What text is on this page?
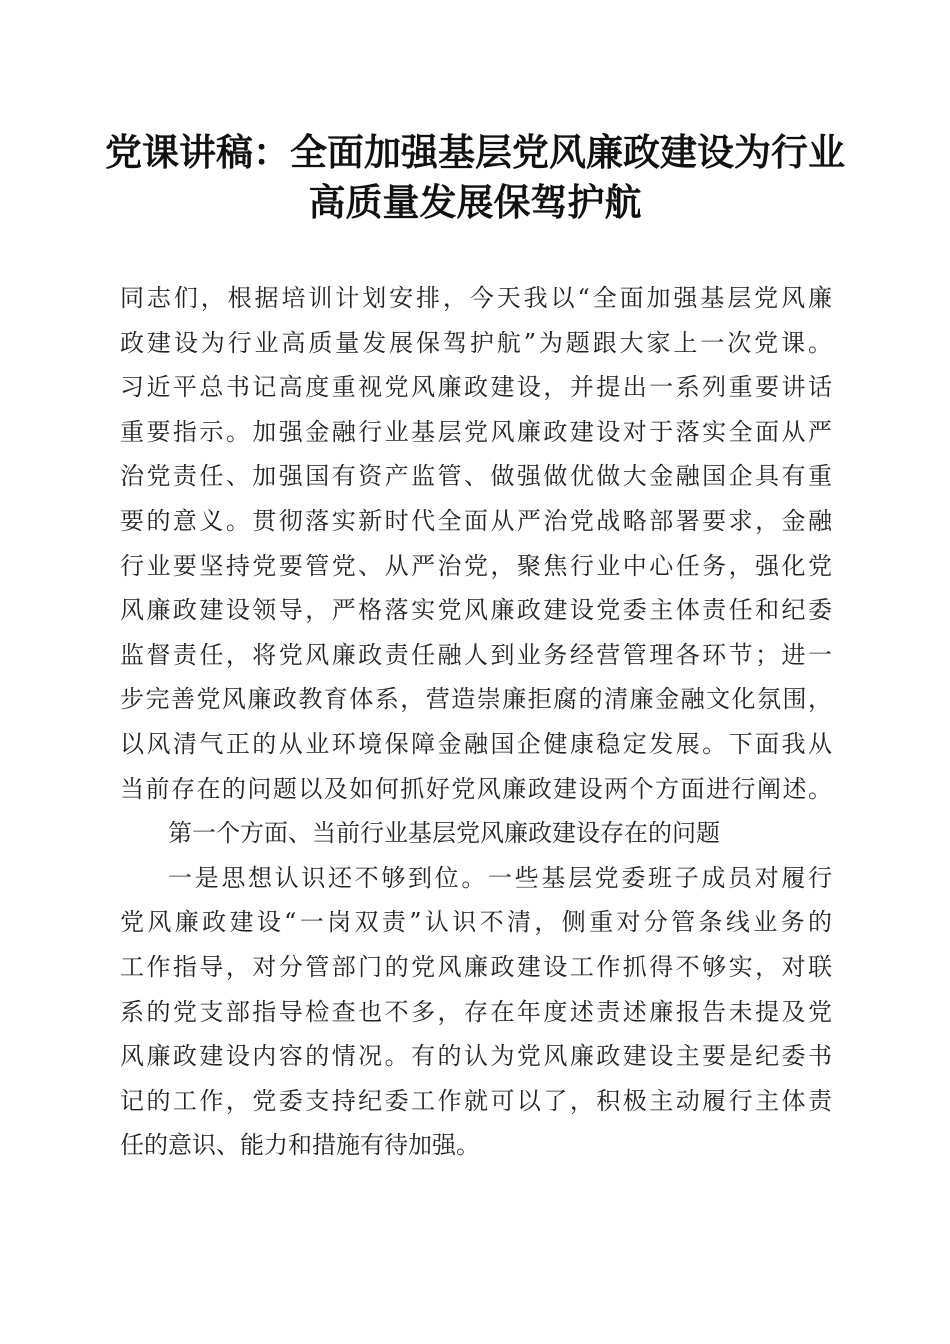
党课讲稿：全面加强基层党风廉政建设为行业
高质量发展保驾护航
同志们，根据培训计划安排，今天我以“全面加强基层党风廉
政建设为行业高质量发展保驾护航”为题跟大家上一次党课。
习近平总书记高度重视党风廉政建设，并提出一系列重要讲话
重要指示。加强金融行业基层党风廉政建设对于落实全面从严
治党责任、加强国有资产监管、做强做优做大金融国企具有重
要的意义。贯彻落实新时代全面从严治党战略部署要求，金融
行业要坚持党要管党、从严治党，聚焦行业中心任务，强化党
风廉政建设领导，严格落实党风廉政建设党委主体责任和纪委
监督责任，将党风廉政责任融人到业务经营管理各环节；进一
步完善党风廉政教育体系，营造崇廉拒腐的清廉金融文化氛围，
以风清气正的从业环境保障金融国企健康稳定发展。下面我从
当前存在的问题以及如何抓好党风廉政建设两个方面进行阐述。
第一个方面、当前行业基层党风廉政建设存在的问题
一是思想认识还不够到位。一些基层党委班子成员对履行
党风廉政建设“一岗双责”认识不清，侧重对分管条线业务的
工作指导，对分管部门的党风廉政建设工作抓得不够实，对联
系的党支部指导检查也不多，存在年度述责述廉报告未提及党
风廉政建设内容的情况。有的认为党风廉政建设主要是纪委书
记的工作，党委支持纪委工作就可以了，积极主动履行主体责
任的意识、能力和措施有待加强。
